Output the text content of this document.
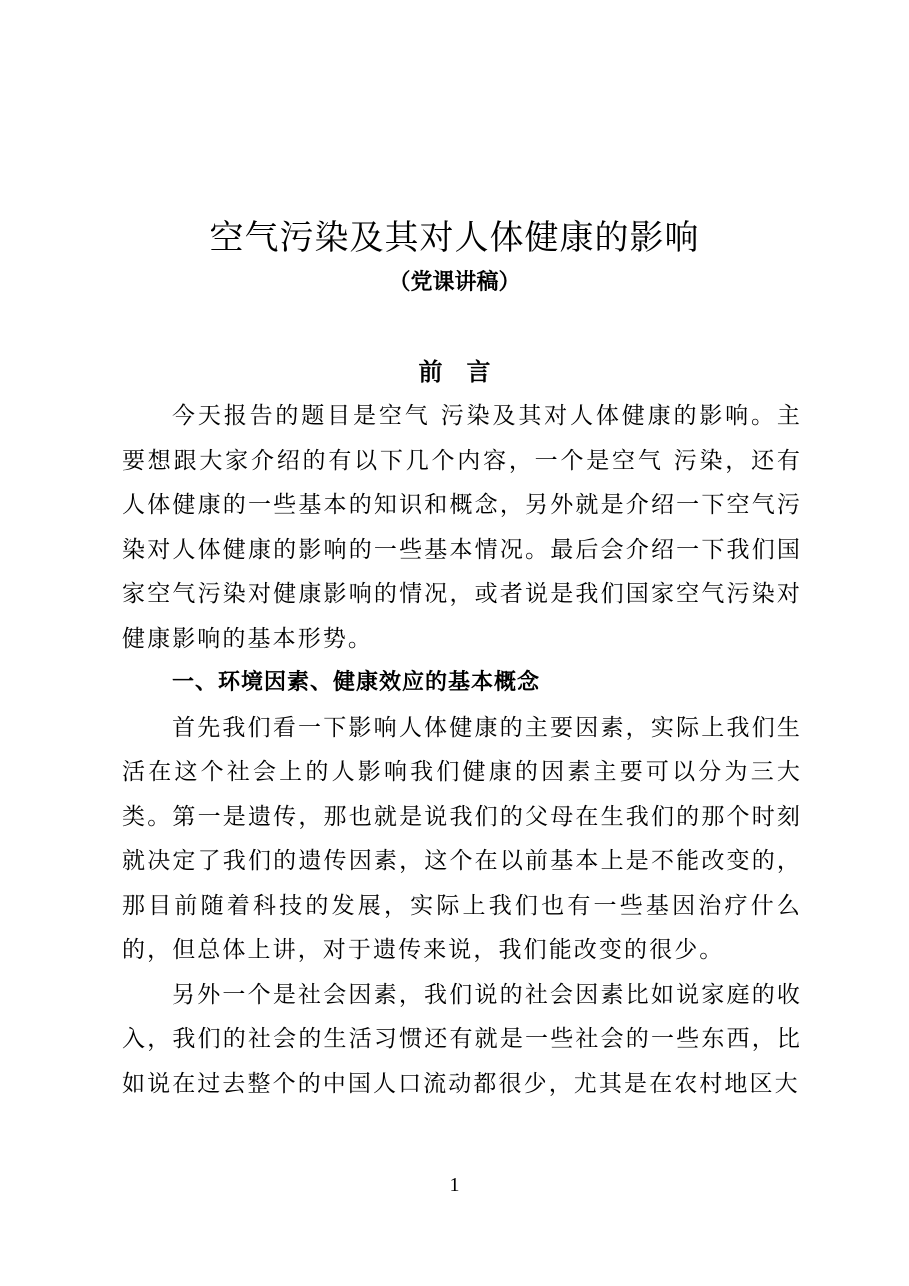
空气污染及其对人体健康的影响
（党课讲稿）
前言

今天报告的题目是空气 污染及其对人体健康的影响。主要想跟大家介绍的有以下几个内容，一个是空气 污染，还有人体健康的一些基本的知识和概念，另外就是介绍一下空气污染对人体健康的影响的一些基本情况。最后会介绍一下我们国家空气污染对健康影响的情况，或者说是我们国家空气污染对健康影响的基本形势。

一、环境因素、健康效应的基本概念

首先我们看一下影响人体健康的主要因素，实际上我们生活在这个社会上的人影响我们健康的因素主要可以分为三大类。第一是遗传，那也就是说我们的父母在生我们的那个时刻就决定了我们的遗传因素，这个在以前基本上是不能改变的，那目前随着科技的发展，实际上我们也有一些基因治疗什么的，但总体上讲，对于遗传来说，我们能改变的很少。

另外一个是社会因素，我们说的社会因素比如说家庭的收入，我们的社会的生活习惯还有就是一些社会的一些东西，比如说在过去整个的中国人口流动都很少，尤其是在农村地区大

1
